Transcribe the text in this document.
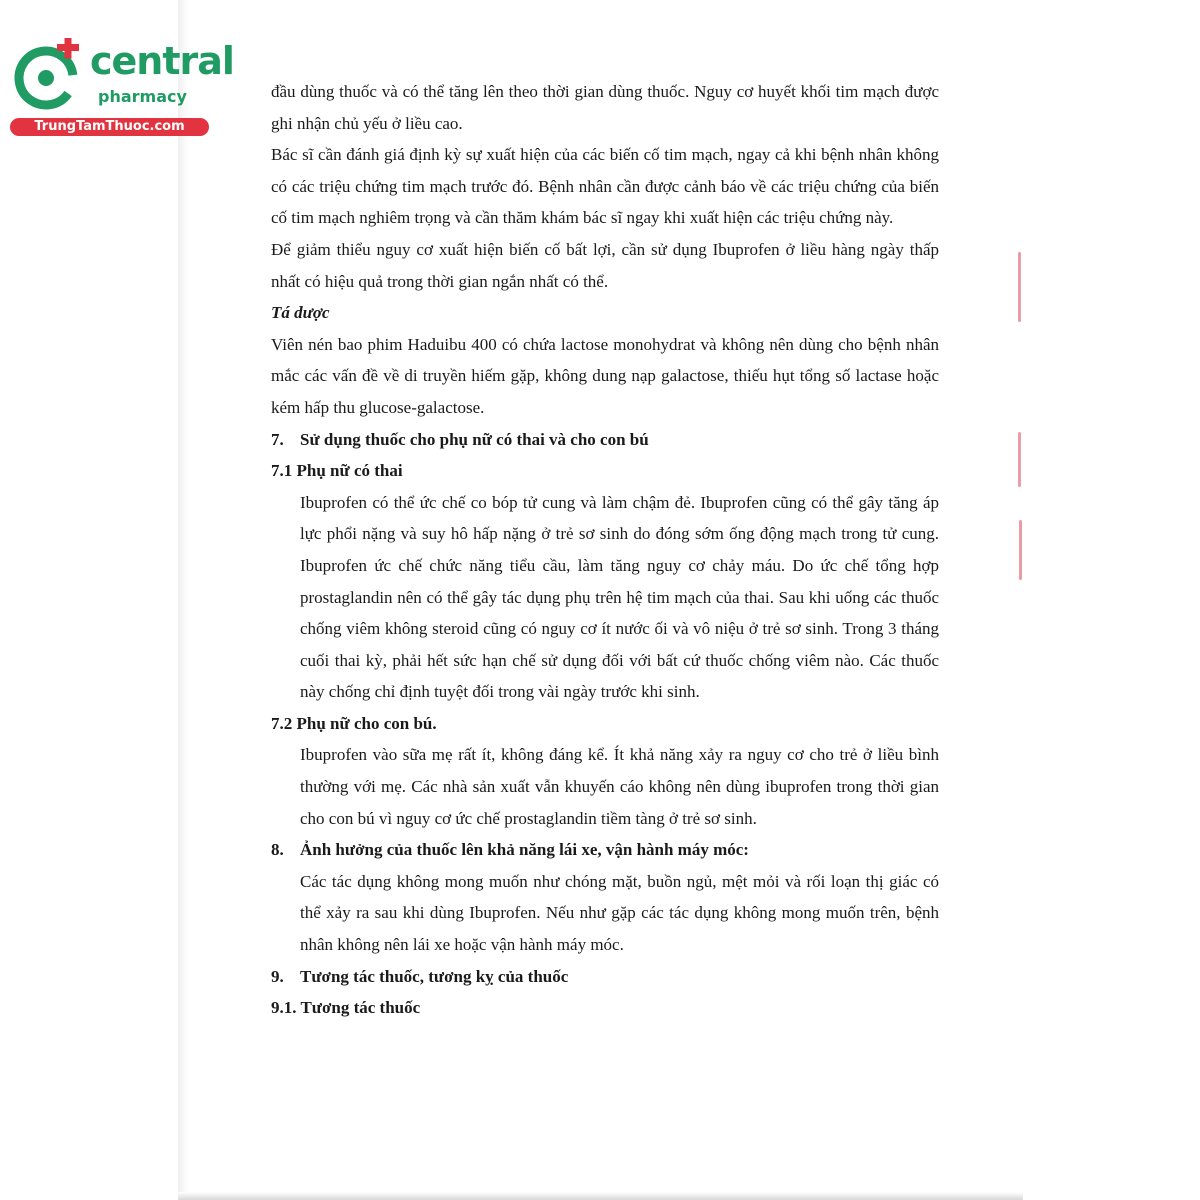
central
pharmacy
TrungTamThuoc.com

đầu dùng thuốc và có thể tăng lên theo thời gian dùng thuốc. Nguy cơ huyết khối tim mạch được ghi nhận chủ yếu ở liều cao.

Bác sĩ cần đánh giá định kỳ sự xuất hiện của các biến cố tim mạch, ngay cả khi bệnh nhân không có các triệu chứng tim mạch trước đó. Bệnh nhân cần được cảnh báo về các triệu chứng của biến cố tim mạch nghiêm trọng và cần thăm khám bác sĩ ngay khi xuất hiện các triệu chứng này.

Để giảm thiểu nguy cơ xuất hiện biến cố bất lợi, cần sử dụng Ibuprofen ở liều hàng ngày thấp nhất có hiệu quả trong thời gian ngắn nhất có thể.

Tá dược

Viên nén bao phim Haduibu 400 có chứa lactose monohydrat và không nên dùng cho bệnh nhân mắc các vấn đề về di truyền hiếm gặp, không dung nạp galactose, thiếu hụt tổng số lactase hoặc kém hấp thu glucose-galactose.

7. Sử dụng thuốc cho phụ nữ có thai và cho con bú

7.1 Phụ nữ có thai

Ibuprofen có thể ức chế co bóp tử cung và làm chậm đẻ. Ibuprofen cũng có thể gây tăng áp lực phổi nặng và suy hô hấp nặng ở trẻ sơ sinh do đóng sớm ống động mạch trong tử cung. Ibuprofen ức chế chức năng tiểu cầu, làm tăng nguy cơ chảy máu. Do ức chế tổng hợp prostaglandin nên có thể gây tác dụng phụ trên hệ tim mạch của thai. Sau khi uống các thuốc chống viêm không steroid cũng có nguy cơ ít nước ối và vô niệu ở trẻ sơ sinh. Trong 3 tháng cuối thai kỳ, phải hết sức hạn chế sử dụng đối với bất cứ thuốc chống viêm nào. Các thuốc này chống chỉ định tuyệt đối trong vài ngày trước khi sinh.

7.2 Phụ nữ cho con bú.

Ibuprofen vào sữa mẹ rất ít, không đáng kể. Ít khả năng xảy ra nguy cơ cho trẻ ở liều bình thường với mẹ. Các nhà sản xuất vẫn khuyến cáo không nên dùng ibuprofen trong thời gian cho con bú vì nguy cơ ức chế prostaglandin tiềm tàng ở trẻ sơ sinh.

8. Ảnh hưởng của thuốc lên khả năng lái xe, vận hành máy móc:

Các tác dụng không mong muốn như chóng mặt, buồn ngủ, mệt mỏi và rối loạn thị giác có thể xảy ra sau khi dùng Ibuprofen. Nếu như gặp các tác dụng không mong muốn trên, bệnh nhân không nên lái xe hoặc vận hành máy móc.

9. Tương tác thuốc, tương kỵ của thuốc

9.1. Tương tác thuốc
